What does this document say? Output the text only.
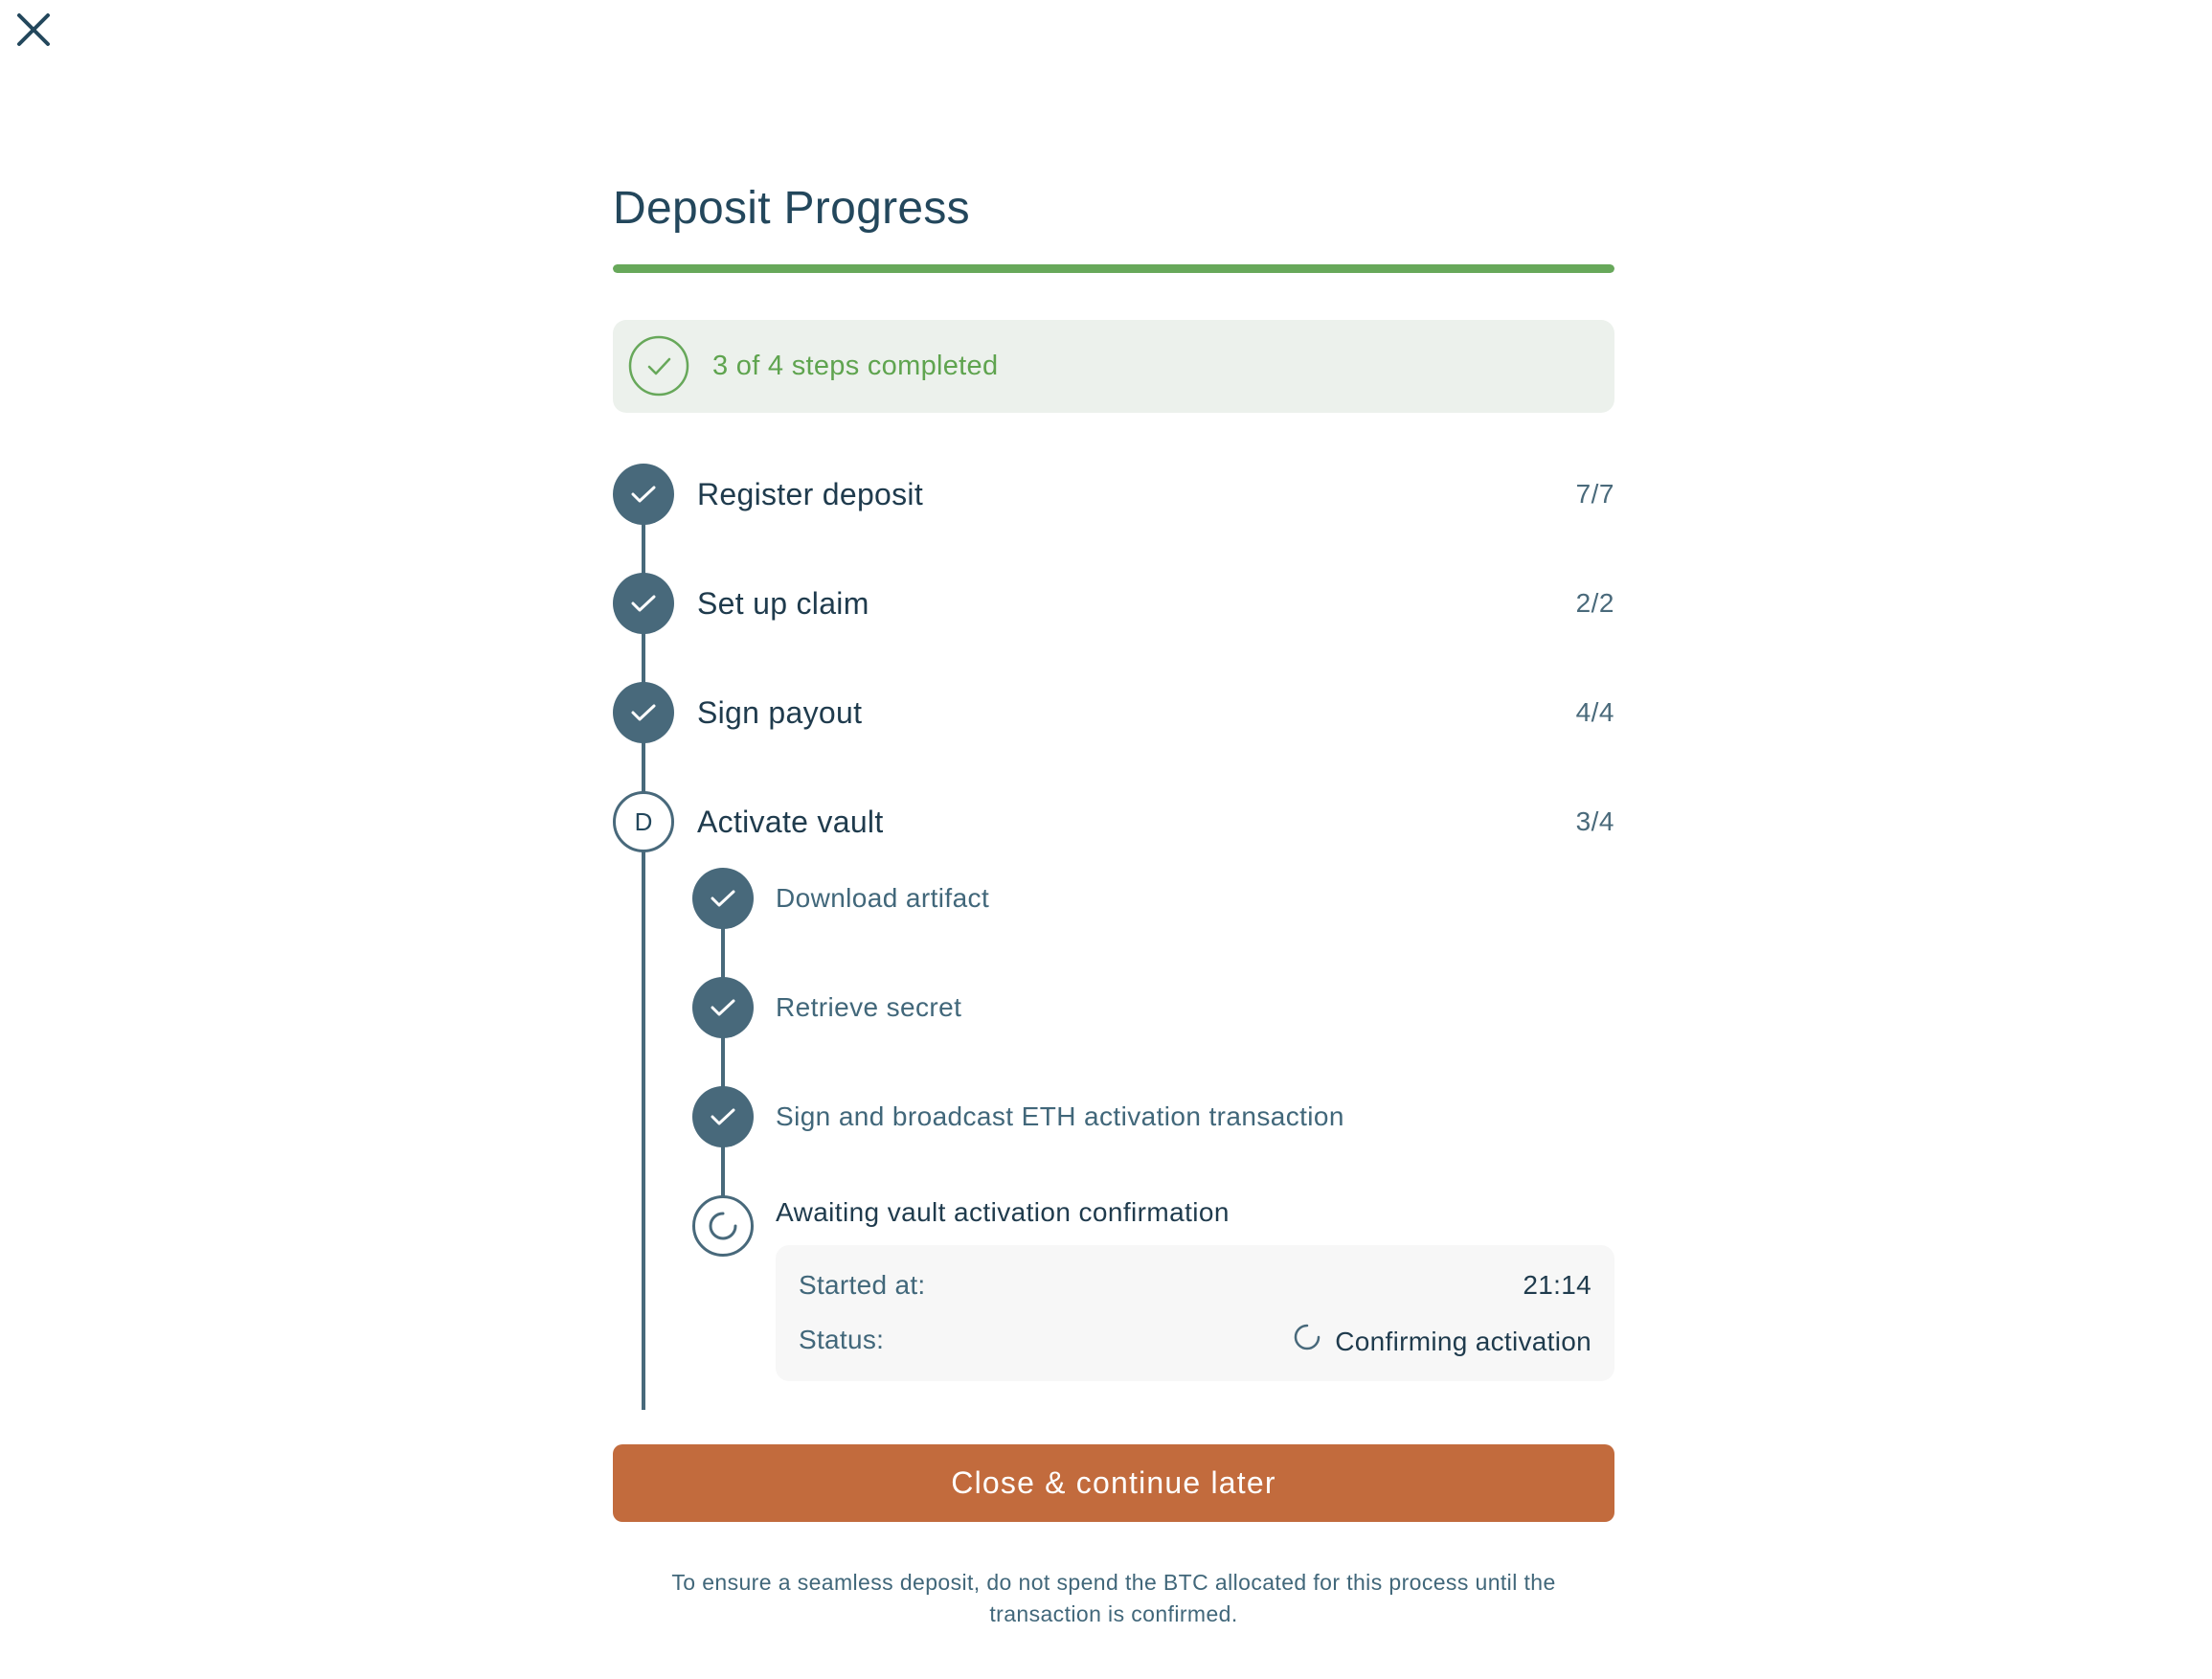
Deposit Progress
3 of 4 steps completed
Register deposit	7/7
Set up claim	2/2
Sign payout	4/4
D	Activate vault	3/4
Download artifact
Retrieve secret
Sign and broadcast ETH activation transaction
Awaiting vault activation confirmation
Started at:	21:14
Status:	Confirming activation
Close & continue later
To ensure a seamless deposit, do not spend the BTC allocated for this process until the transaction is confirmed.
